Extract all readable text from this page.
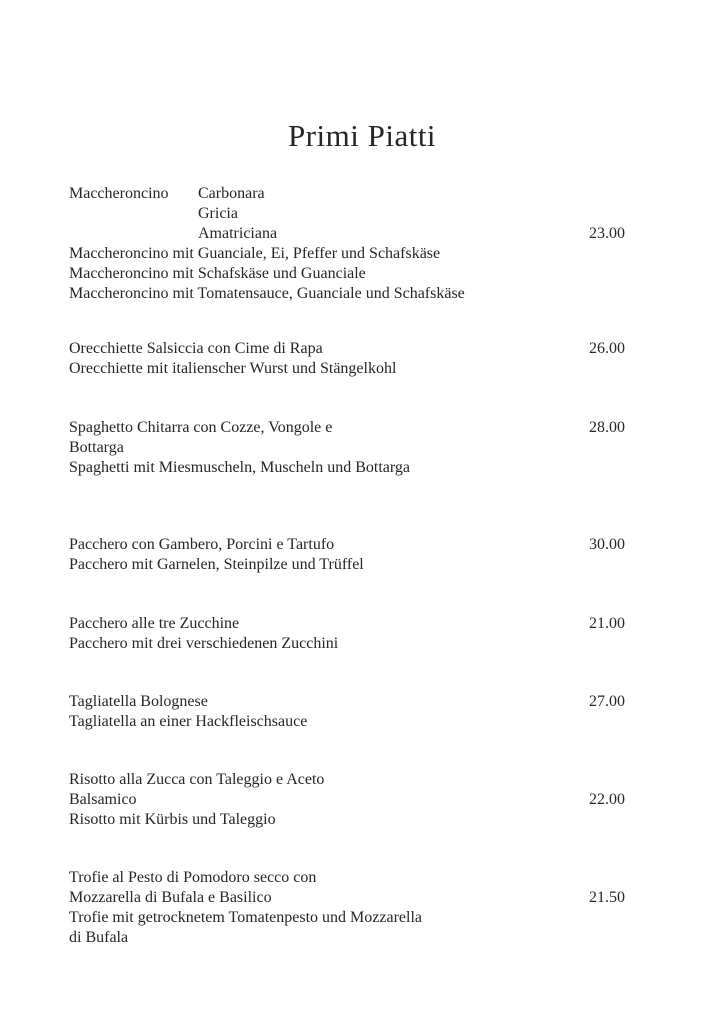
Primi Piatti
Maccheroncino	Carbonara
Gricia
Amatriciana	23.00
Maccheroncino mit Guanciale, Ei, Pfeffer und Schafskäse
Maccheroncino mit Schafskäse und Guanciale
Maccheroncino mit Tomatensauce, Guanciale und Schafskäse
Orecchiette Salsiccia con Cime di Rapa	26.00
Orecchiette mit italienscher Wurst und Stängelkohl
Spaghetto Chitarra con Cozze, Vongole e	28.00
Bottarga
Spaghetti mit Miesmuscheln, Muscheln und Bottarga
Pacchero con Gambero, Porcini e Tartufo	30.00
Pacchero mit Garnelen, Steinpilze und Trüffel
Pacchero alle tre Zucchine	21.00
Pacchero mit drei verschiedenen Zucchini
Tagliatella Bolognese	27.00
Tagliatella an einer Hackfleischsauce
Risotto alla Zucca con Taleggio e Aceto
Balsamico	22.00
Risotto mit Kürbis und Taleggio
Trofie al Pesto di Pomodoro secco con
Mozzarella di Bufala e Basilico	21.50
Trofie mit getrocknetem Tomatenpesto und Mozzarella
di Bufala
